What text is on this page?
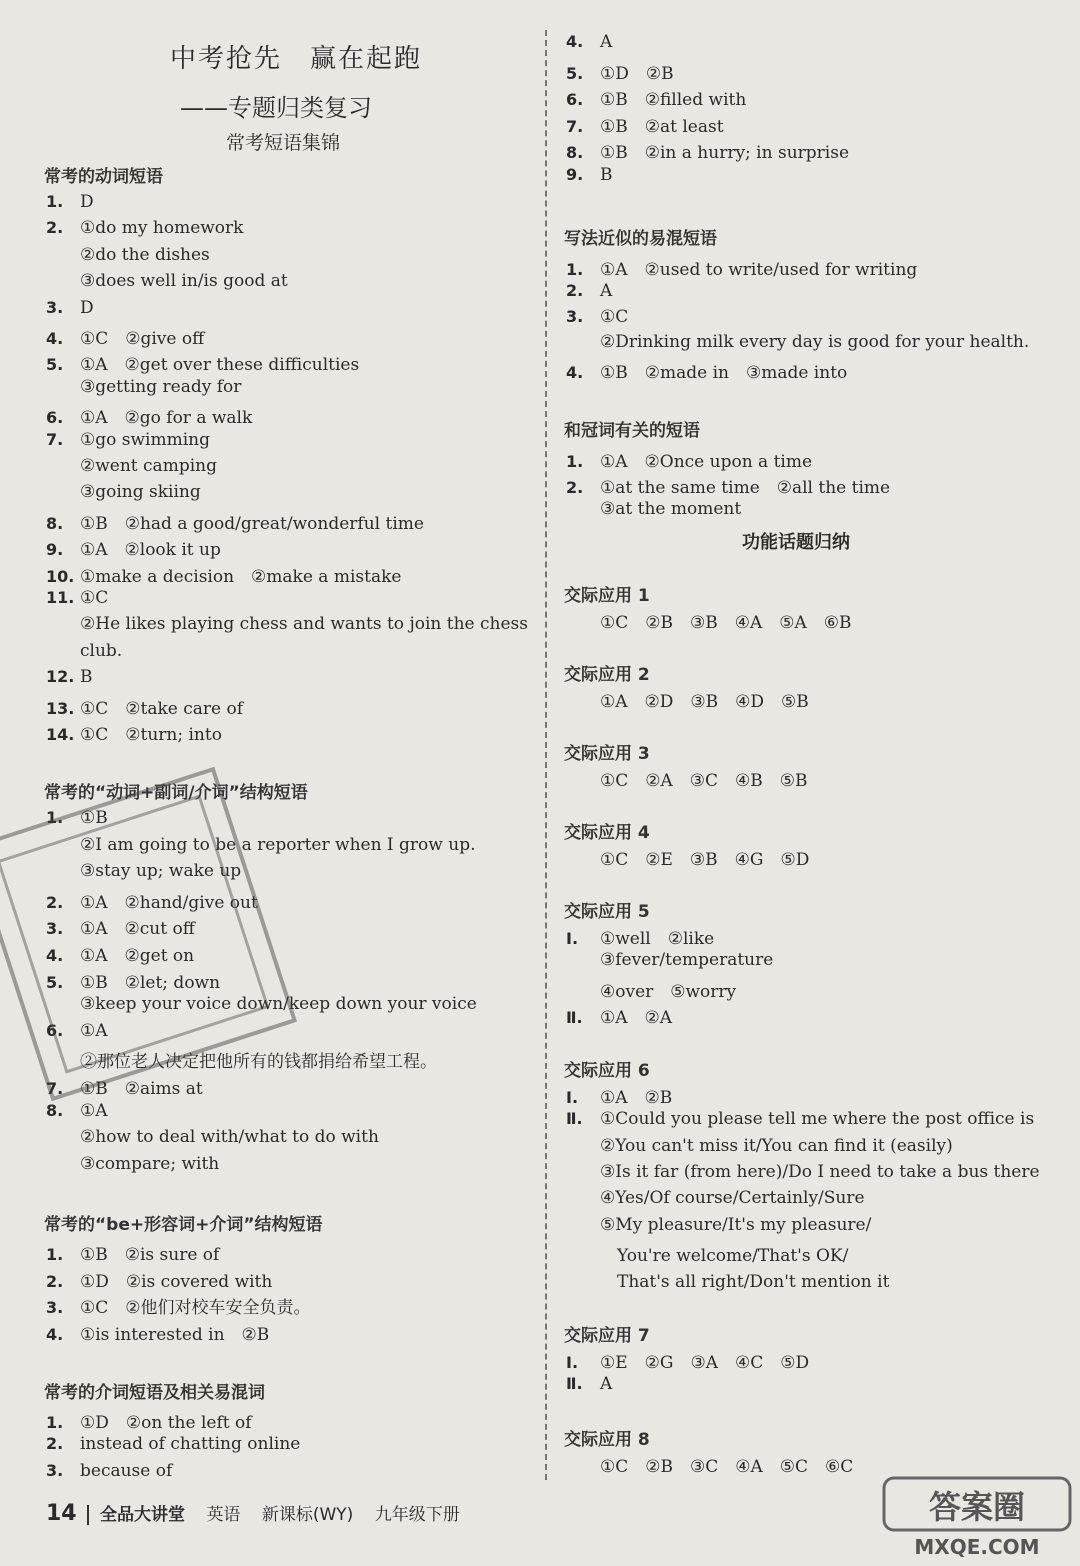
中考抢先　赢在起跑
——专题归类复习
常考短语集锦
常考的动词短语
1. D
2. ①do my homework
②do the dishes
③does well in/is good at
3. D
4. ①C　②give off
5. ①A　②get over these difficulties
③getting ready for
6. ①A　②go for a walk
7. ①go swimming
②went camping
③going skiing
8. ①B　②had a good/great/wonderful time
9. ①A　②look it up
10. ①make a decision　②make a mistake
11. ①C
②He likes playing chess and wants to join the chess
club.
12. B
13. ①C　②take care of
14. ①C　②turn; into
常考的“动词+副词/介词”结构短语
1. ①B
②I am going to be a reporter when I grow up.
③stay up; wake up
2. ①A　②hand/give out
3. ①A　②cut off
4. ①A　②get on
5. ①B　②let; down
③keep your voice down/keep down your voice
6. ①A
②那位老人决定把他所有的钱都捐给希望工程。
7. ①B　②aims at
8. ①A
②how to deal with/what to do with
③compare; with
常考的“be+形容词+介词”结构短语
1. ①B　②is sure of
2. ①D　②is covered with
3. ①C　②他们对校车安全负责。
4. ①is interested in　②B
常考的介词短语及相关易混词
1. ①D　②on the left of
2. instead of chatting online
3. because of
4. A
5. ①D　②B
6. ①B　②filled with
7. ①B　②at least
8. ①B　②in a hurry; in surprise
9. B
写法近似的易混短语
1. ①A　②used to write/used for writing
2. A
3. ①C
②Drinking milk every day is good for your health.
4. ①B　②made in　③made into
和冠词有关的短语
1. ①A　②Once upon a time
2. ①at the same time　②all the time
③at the moment
功能话题归纳
交际应用 1
①C　②B　③B　④A　⑤A　⑥B
交际应用 2
①A　②D　③B　④D　⑤B
交际应用 3
①C　②A　③C　④B　⑤B
交际应用 4
①C　②E　③B　④G　⑤D
交际应用 5
Ⅰ. ①well　②like
③fever/temperature
④over　⑤worry
Ⅱ. ①A　②A
交际应用 6
Ⅰ. ①A　②B
Ⅱ. ①Could you please tell me where the post office is
②You can't miss it/You can find it (easily)
③Is it far (from here)/Do I need to take a bus there
④Yes/Of course/Certainly/Sure
⑤My pleasure/It's my pleasure/
　You're welcome/That's OK/
　That's all right/Don't mention it
交际应用 7
Ⅰ. ①E　②G　③A　④C　⑤D
Ⅱ. A
交际应用 8
①C　②B　③C　④A　⑤C　⑥C
14 全品大讲堂 英语 新课标(WY) 九年级下册	答案圈
MXQE.COM
